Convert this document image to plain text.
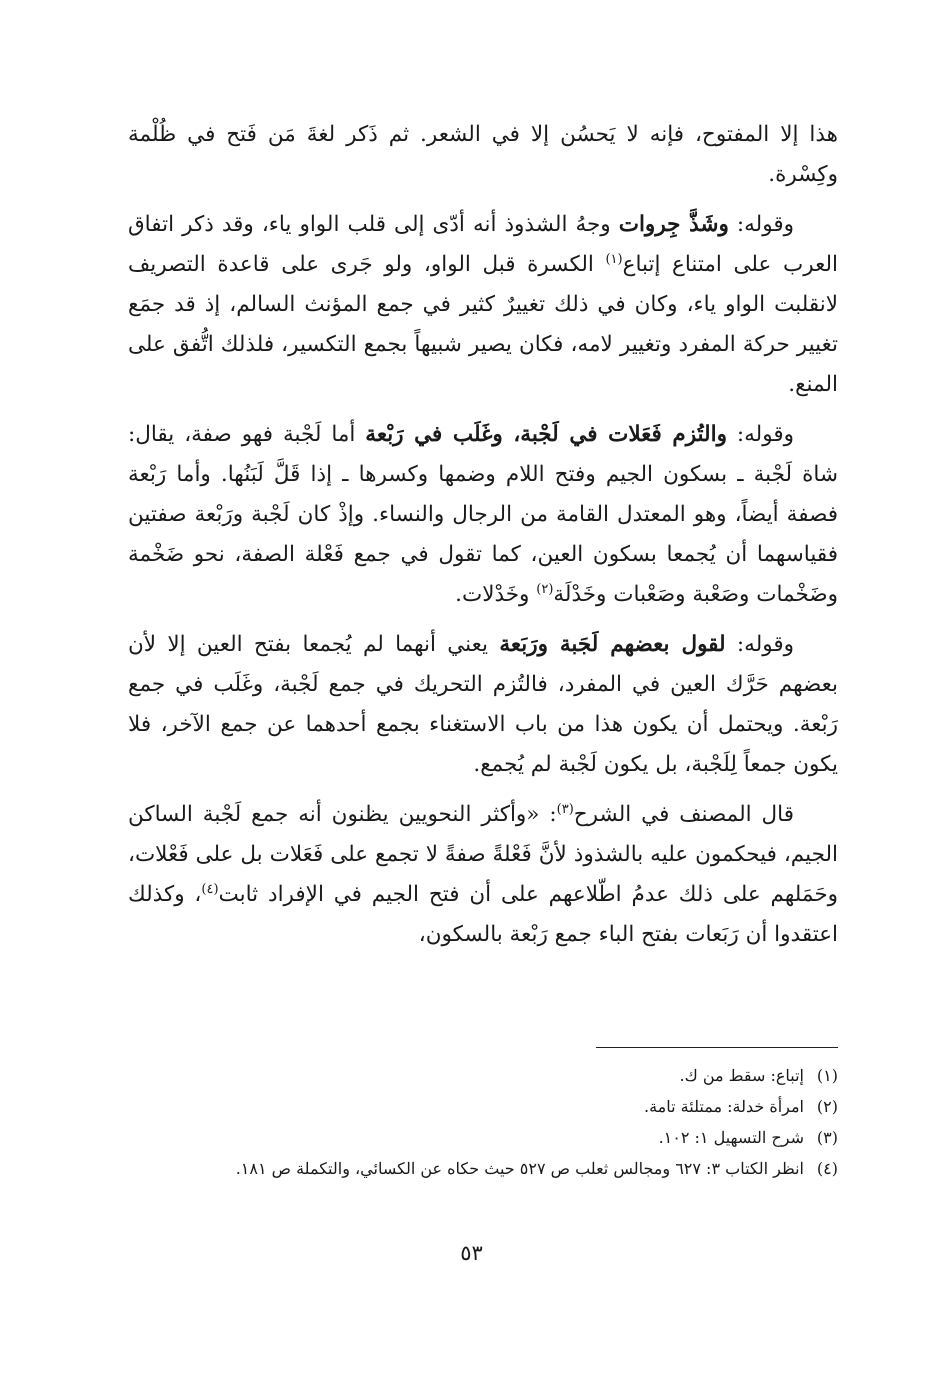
هذا إلا المفتوح، فإنه لا يَحسُن إلا في الشعر. ثم ذَكر لغةَ مَن فَتح في ظُلْمة وكِسْرة.

وقوله: وشَذَّ جِروات وجهُ الشذوذ أنه أدّى إلى قلب الواو ياء، وقد ذكر اتفاق العرب على امتناع إتباع$^{(١)}$ الكسرة قبل الواو، ولو جَرى على قاعدة التصريف لانقلبت الواو ياء، وكان في ذلك تغييرٌ كثير في جمع المؤنث السالم، إذ قد جمَع تغيير حركة المفرد وتغيير لامه، فكان يصير شبيهاً بجمع التكسير، فلذلك اتُّفق على المنع.

وقوله: والتُزم فَعَلات في لَجْبة، وغَلَب في رَبْعة أما لَجْبة فهو صفة، يقال: شاة لَجْبة ـ بسكون الجيم وفتح اللام وضمها وكسرها ـ إذا قَلَّ لَبَنُها. وأما رَبْعة فصفة أيضاً، وهو المعتدل القامة من الرجال والنساء. وإذْ كان لَجْبة ورَبْعة صفتين فقياسهما أن يُجمعا بسكون العين، كما تقول في جمع فَعْلة الصفة، نحو ضَخْمة وضَخْمات وصَعْبة وصَعْبات وخَدْلَة$^{(٢)}$ وخَدْلات.

وقوله: لقول بعضهم لَجَبة ورَبَعة يعني أنهما لم يُجمعا بفتح العين إلا لأن بعضهم حَرَّك العين في المفرد، فالتُزم التحريك في جمع لَجْبة، وغَلَب في جمع رَبْعة. ويحتمل أن يكون هذا من باب الاستغناء بجمع أحدهما عن جمع الآخر، فلا يكون جمعاً لِلَجْبة، بل يكون لَجْبة لم يُجمع.

قال المصنف في الشرح$^{(٣)}$: «وأكثر النحويين يظنون أنه جمع لَجْبة الساكن الجيم، فيحكمون عليه بالشذوذ لأنَّ فَعْلةً صفةً لا تجمع على فَعَلات بل على فَعْلات، وحَمَلهم على ذلك عدمُ اطّلاعهم على أن فتح الجيم في الإفراد ثابت$^{(٤)}$، وكذلك اعتقدوا أن رَبَعات بفتح الباء جمع رَبْعة بالسكون،

(١)
إتباع: سقط من ك.
(٢)
امرأة خدلة: ممتلئة تامة.
(٣)
شرح التسهيل ١: ١٠٢.
(٤)
انظر الكتاب ٣: ٦٢٧ ومجالس ثعلب ص ٥٢٧ حيث حكاه عن الكسائي، والتكملة ص ١٨١.
٥٣
